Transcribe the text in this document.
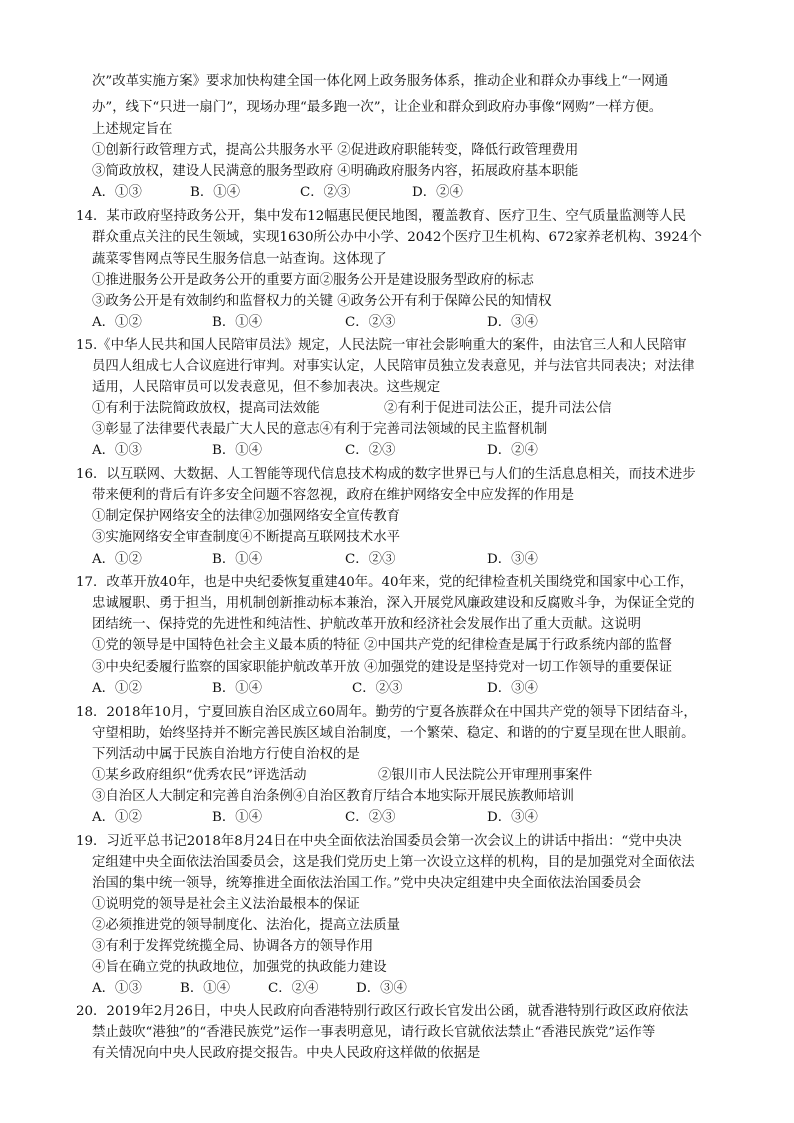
次”改革实施方案》要求加快构建全国一体化网上政务服务体系，推动企业和群众办事线上“一网通
办”，线下“只进一扇门”，现场办理“最多跑一次”，让企业和群众到政府办事像“网购”一样方便。
上述规定旨在
①创新行政管理方式，提高公共服务水平 ②促进政府职能转变，降低行政管理费用
③简政放权，建设人民满意的服务型政府 ④明确政府服务内容，拓展政府基本职能
A．①③	B．①④	C．②③	D．②④
14．某市政府坚持政务公开，集中发布12幅惠民便民地图，覆盖教育、医疗卫生、空气质量监测等人民
群众重点关注的民生领域，实现1630所公办中小学、2042个医疗卫生机构、672家养老机构、3924个
蔬菜零售网点等民生服务信息一站查询。这体现了
①推进服务公开是政务公开的重要方面②服务公开是建设服务型政府的标志
③政务公开是有效制约和监督权力的关键 ④政务公开有利于保障公民的知情权
A．①②	B．①④	C．②③	D．③④
15.《中华人民共和国人民陪审员法》规定，人民法院一审社会影响重大的案件，由法官三人和人民陪审
员四人组成七人合议庭进行审判。对事实认定，人民陪审员独立发表意见，并与法官共同表决；对法律
适用，人民陪审员可以发表意见，但不参加表决。这些规定
①有利于法院简政放权，提高司法效能	②有利于促进司法公正，提升司法公信
③彰显了法律要代表最广大人民的意志④有利于完善司法领域的民主监督机制
A．①③	B．①④	C．②③	D．②④
16．以互联网、大数据、人工智能等现代信息技术构成的数字世界已与人们的生活息息相关，而技术进步
带来便利的背后有许多安全问题不容忽视，政府在维护网络安全中应发挥的作用是
①制定保护网络安全的法律②加强网络安全宣传教育
③实施网络安全审查制度④不断提高互联网技术水平
A．①②	B．①④	C．②③	D．③④
17．改革开放40年，也是中央纪委恢复重建40年。40年来，党的纪律检查机关围绕党和国家中心工作，
忠诚履职、勇于担当，用机制创新推动标本兼治，深入开展党风廉政建设和反腐败斗争，为保证全党的
团结统一、保持党的先进性和纯洁性、护航改革开放和经济社会发展作出了重大贡献。这说明
①党的领导是中国特色社会主义最本质的特征 ②中国共产党的纪律检查是属于行政系统内部的监督
③中央纪委履行监察的国家职能护航改革开放 ④加强党的建设是坚持党对一切工作领导的重要保证
A．①②	B．①④	C．②③	D．③④
18．2018年10月，宁夏回族自治区成立60周年。勤劳的宁夏各族群众在中国共产党的领导下团结奋斗，
守望相助，始终坚持并不断完善民族区域自治制度，一个繁荣、稳定、和谐的的宁夏呈现在世人眼前。
下列活动中属于民族自治地方行使自治权的是
①某乡政府组织“优秀农民”评选活动	②银川市人民法院公开审理刑事案件
③自治区人大制定和完善自治条例④自治区教育厅结合本地实际开展民族教师培训
A．①②	B．①④	C．②③	D．③④
19．习近平总书记2018年8月24日在中央全面依法治国委员会第一次会议上的讲话中指出：“党中央决
定组建中央全面依法治国委员会，这是我们党历史上第一次设立这样的机构，目的是加强党对全面依法
治国的集中统一领导，统筹推进全面依法治国工作。”党中央决定组建中央全面依法治国委员会
①说明党的领导是社会主义法治最根本的保证
②必须推进党的领导制度化、法治化，提高立法质量
③有利于发挥党统揽全局、协调各方的领导作用
④旨在确立党的执政地位，加强党的执政能力建设
A．①③	B．①④	C．②④	D．③④
20．2019年2月26日，中央人民政府向香港特别行政区行政长官发出公函，就香港特别行政区政府依法
禁止鼓吹“港独”的“香港民族党”运作一事表明意见，请行政长官就依法禁止“香港民族党”运作等
有关情况向中央人民政府提交报告。中央人民政府这样做的依据是
